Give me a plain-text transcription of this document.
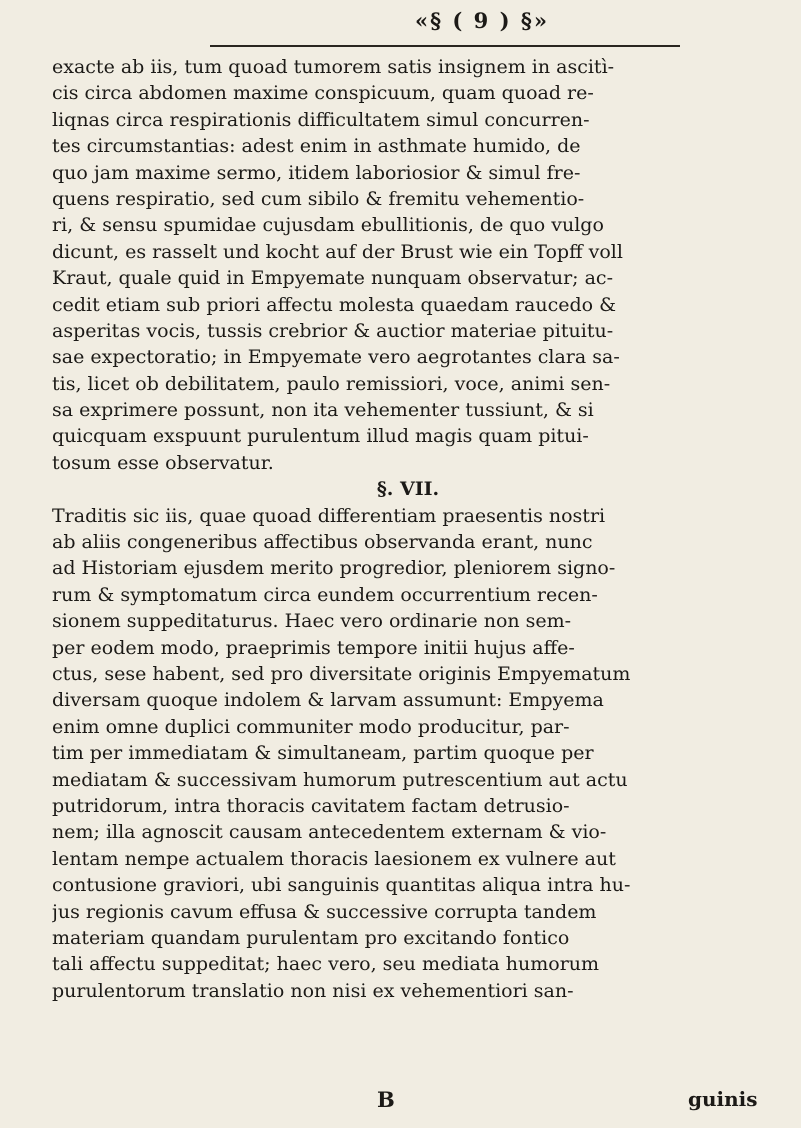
«§ ( 9 ) §»
exacte ab iis, tum quoad tumorem satis insignem in ascitì-
cis circa abdomen maxime conspicuum, quam quoad re-
liqnas circa respirationis difficultatem simul concurren-
tes circumstantias: adest enim in asthmate humido, de
quo jam maxime sermo, itidem laboriosior & simul fre-
quens respiratio, sed cum sibilo & fremitu vehementio-
ri, & sensu spumidae cujusdam ebullitionis, de quo vulgo
dicunt, es rasselt und kocht auf der Brust wie ein Topff voll
Kraut, quale quid in Empyemate nunquam observatur; ac-
cedit etiam sub priori affectu molesta quaedam raucedo &
asperitas vocis, tussis crebrior & auctior materiae pituitu-
sae expectoratio; in Empyemate vero aegrotantes clara sa-
tis, licet ob debilitatem, paulo remissiori, voce, animi sen-
sa exprimere possunt, non ita vehementer tussiunt, & si
quicquam exspuunt purulentum illud magis quam pitui-
tosum esse observatur.
§. VII.
Traditis sic iis, quae quoad differentiam praesentis nostri
ab aliis congeneribus affectibus observanda erant, nunc
ad Historiam ejusdem merito progredior, pleniorem signo-
rum & symptomatum circa eundem occurrentium recen-
sionem suppeditaturus. Haec vero ordinarie non sem-
per eodem modo, praeprimis tempore initii hujus affe-
ctus, sese habent, sed pro diversitate originis Empyematum
diversam quoque indolem & larvam assumunt: Empyema
enim omne duplici communiter modo producitur, par-
tim per immediatam & simultaneam, partim quoque per
mediatam & successivam humorum putrescentium aut actu
putridorum, intra thoracis cavitatem factam detrusio-
nem; illa agnoscit causam antecedentem externam & vio-
lentam nempe actualem thoracis laesionem ex vulnere aut
contusione graviori, ubi sanguinis quantitas aliqua intra hu-
jus regionis cavum effusa & successive corrupta tandem
materiam quandam purulentam pro excitando fontico
tali affectu suppeditat; haec vero, seu mediata humorum
purulentorum translatio non nisi ex vehementiori san-
B	guinis
